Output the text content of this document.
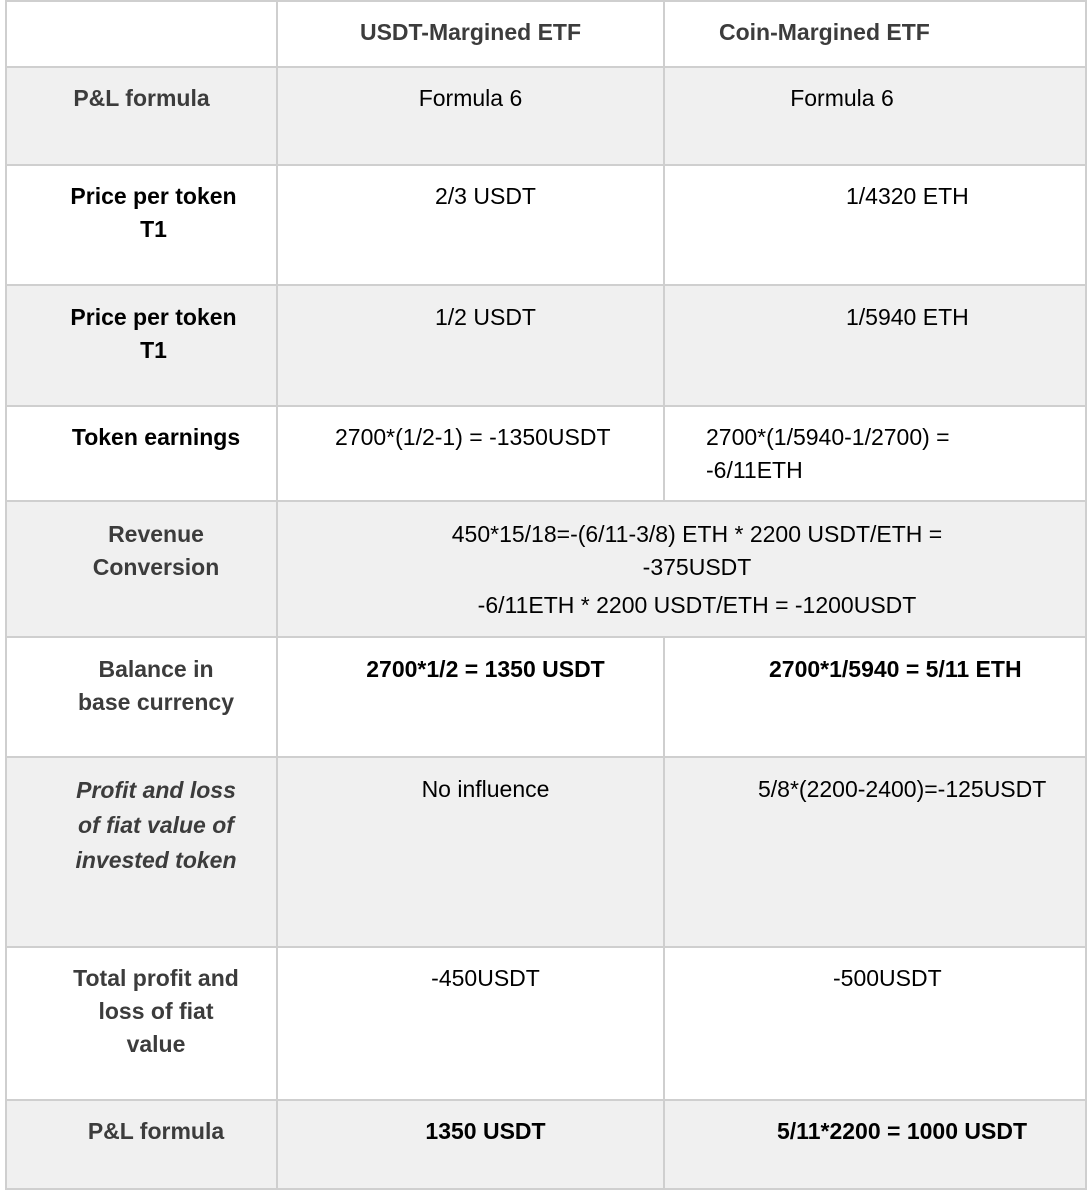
USDT-Margined ETF	Coin-Margined ETF
P&L formula	Formula 6	Formula 6
Price per token
T1
2/3 USDT	1/4320 ETH
Price per token
T1
1/2 USDT	1/5940 ETH
Token earnings	2700*(1/2-1) = -1350USDT	2700*(1/5940-1/2700) =
-6/11ETH
Revenue
Conversion
450*15/18=-(6/11-3/8) ETH * 2200 USDT/ETH =
-375USDT
-6/11ETH * 2200 USDT/ETH = -1200USDT
Balance in
base currency
2700*1/2 = 1350 USDT	2700*1/5940 = 5/11 ETH
Profit and loss
of fiat value of
invested token
No influence	5/8*(2200-2400)=-125USDT
Total profit and
loss of fiat
value
-450USDT	-500USDT
P&L formula	1350 USDT	5/11*2200 = 1000 USDT
